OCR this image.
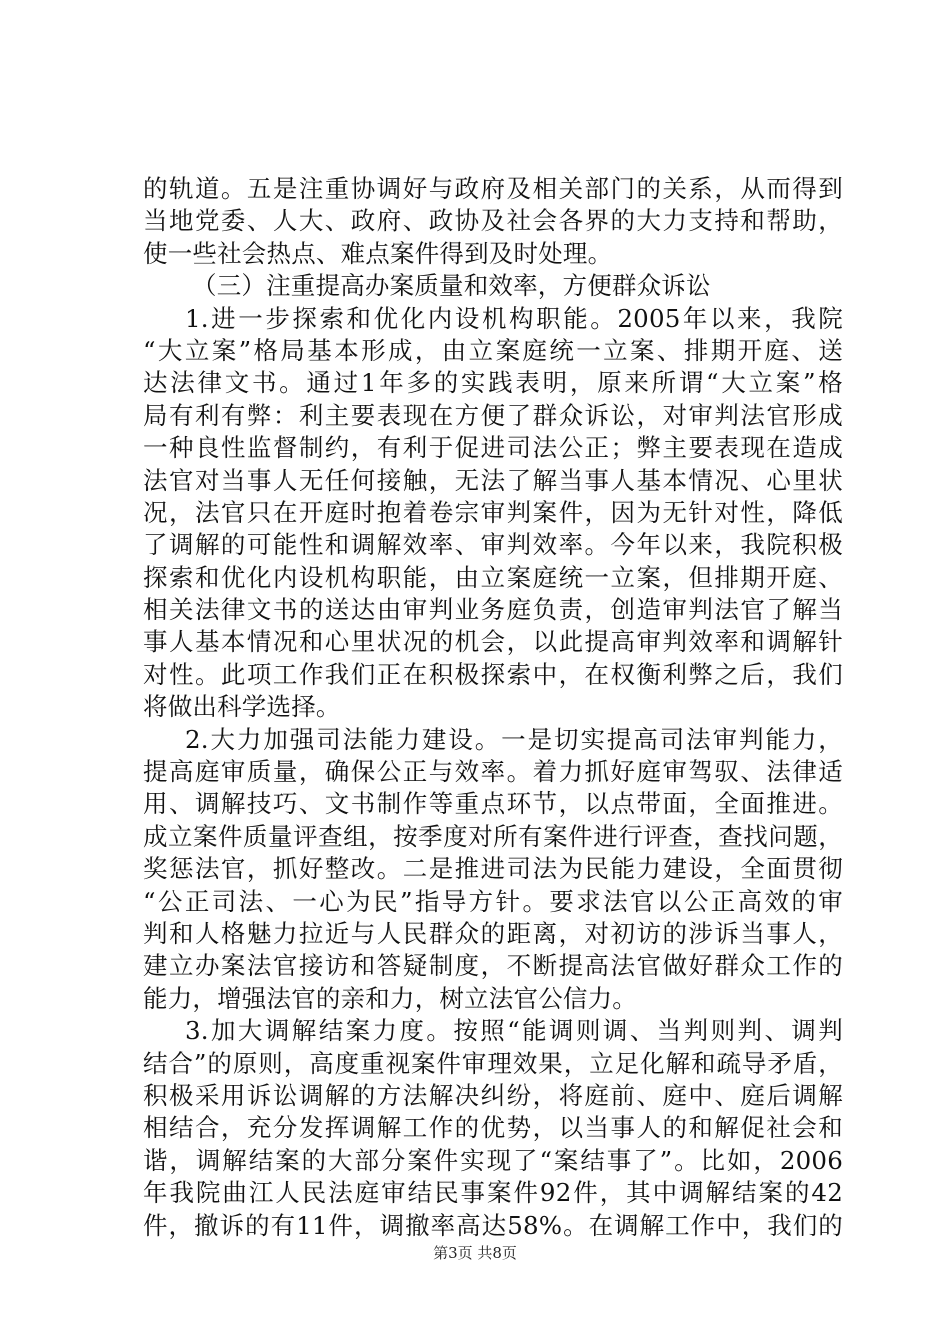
的轨道。五是注重协调好与政府及相关部门的关系，从而得到
当地党委、人大、政府、政协及社会各界的大力支持和帮助，
使一些社会热点、难点案件得到及时处理。
（三）注重提高办案质量和效率，方便群众诉讼
1.进一步探索和优化内设机构职能。2005年以来，我院
“大立案”格局基本形成，由立案庭统一立案、排期开庭、送
达法律文书。通过1年多的实践表明，原来所谓“大立案”格
局有利有弊：利主要表现在方便了群众诉讼，对审判法官形成
一种良性监督制约，有利于促进司法公正；弊主要表现在造成
法官对当事人无任何接触，无法了解当事人基本情况、心里状
况，法官只在开庭时抱着卷宗审判案件，因为无针对性，降低
了调解的可能性和调解效率、审判效率。今年以来，我院积极
探索和优化内设机构职能，由立案庭统一立案，但排期开庭、
相关法律文书的送达由审判业务庭负责，创造审判法官了解当
事人基本情况和心里状况的机会，以此提高审判效率和调解针
对性。此项工作我们正在积极探索中，在权衡利弊之后，我们
将做出科学选择。
2.大力加强司法能力建设。一是切实提高司法审判能力，
提高庭审质量，确保公正与效率。着力抓好庭审驾驭、法律适
用、调解技巧、文书制作等重点环节，以点带面，全面推进。
成立案件质量评查组，按季度对所有案件进行评查，查找问题，
奖惩法官，抓好整改。二是推进司法为民能力建设，全面贯彻
“公正司法、一心为民”指导方针。要求法官以公正高效的审
判和人格魅力拉近与人民群众的距离，对初访的涉诉当事人，
建立办案法官接访和答疑制度，不断提高法官做好群众工作的
能力，增强法官的亲和力，树立法官公信力。
3.加大调解结案力度。按照“能调则调、当判则判、调判
结合”的原则，高度重视案件审理效果，立足化解和疏导矛盾，
积极采用诉讼调解的方法解决纠纷，将庭前、庭中、庭后调解
相结合，充分发挥调解工作的优势，以当事人的和解促社会和
谐，调解结案的大部分案件实现了“案结事了”。比如，2006
年我院曲江人民法庭审结民事案件92件，其中调解结案的42
件，撤诉的有11件，调撤率高达58%。在调解工作中，我们的
第3页 共8页
